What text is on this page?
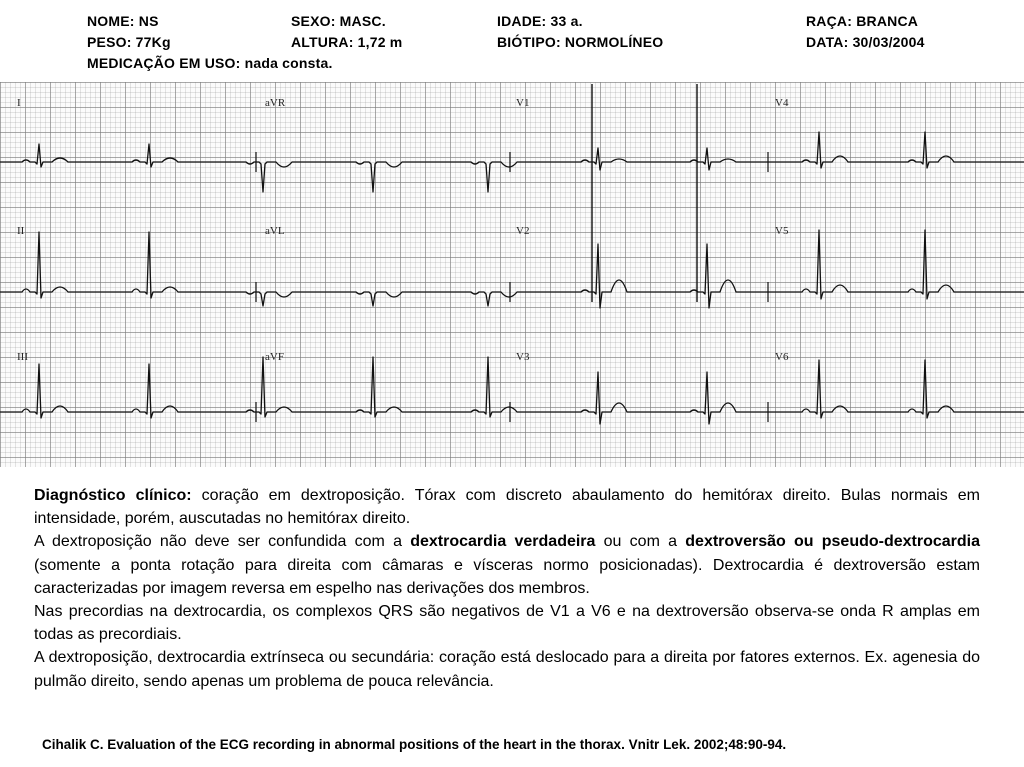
NOME: NS	SEXO: MASC.	IDADE: 33 a.	RAÇA: BRANCA
PESO: 77Kg	ALTURA: 1,72 m	BIÓTIPO: NORMOLÍNEO	DATA: 30/03/2004
MEDICAÇÃO EM USO: nada consta.
I	aVR	V1	V4
II	aVL	V2	V5
III	aVF	V3	V6

Diagnóstico clínico: coração em dextroposição. Tórax com discreto abaulamento do hemitórax direito. Bulas normais em intensidade, porém, auscutadas no hemitórax direito.

A dextroposição não deve ser confundida com a dextrocardia verdadeira ou com a dextroversão ou pseudo-dextrocardia (somente a ponta rotação para direita com câmaras e vísceras normo posicionadas). Dextrocardia é dextroversão estam caracterizadas por imagem reversa em espelho nas derivações dos membros.

Nas precordias na dextrocardia, os complexos QRS são negativos de V1 a V6 e na dextroversão observa-se onda R amplas em todas as precordiais.

A dextroposição, dextrocardia extrínseca ou secundária: coração está deslocado para a direita por fatores externos. Ex. agenesia do pulmão direito, sendo apenas um problema de pouca relevância.

Cihalik C. Evaluation of the ECG recording in abnormal positions of the heart in the thorax. Vnitr Lek. 2002;48:90-94.
